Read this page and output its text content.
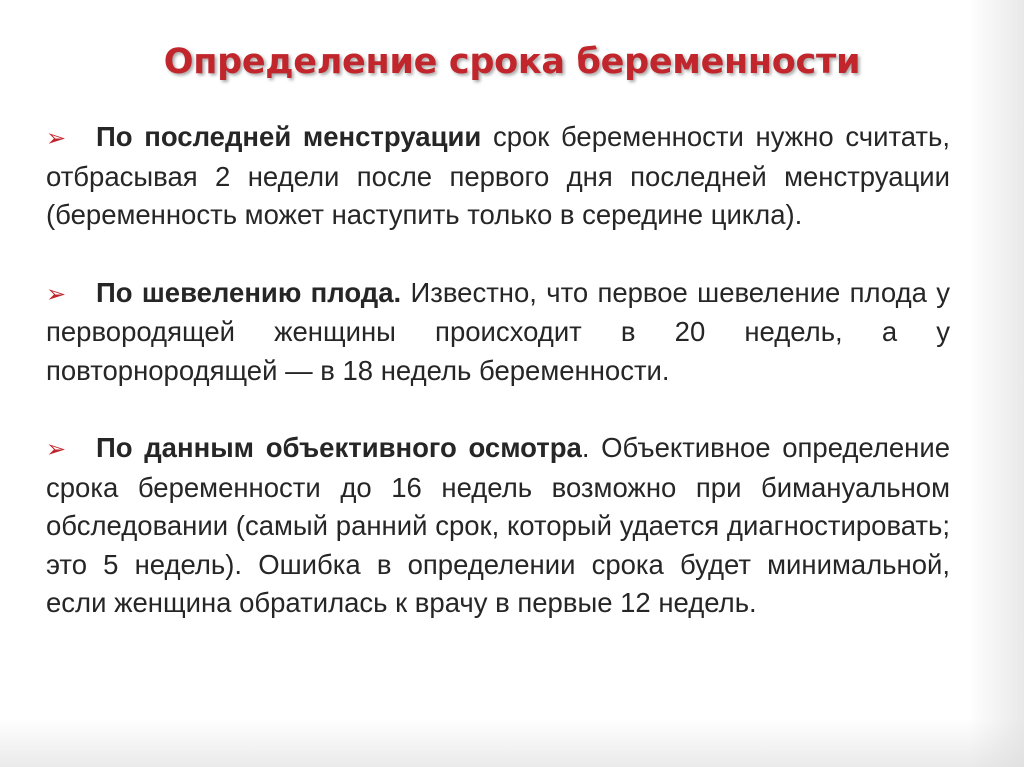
Определение срока беременности

➢ По последней менструации срок беременности нужно считать, отбрасывая 2 недели после первого дня последней менструации (беременность может наступить только в середине цикла).

➢ По шевелению плода. Известно, что первое шевеление плода у первородящей женщины происходит в 20 недель, а у повторнородящей — в 18 недель беременности.

➢ По данным объективного осмотра. Объективное определение срока беременности до 16 недель возможно при бимануальном обследовании (самый ранний срок, который удается диагностировать; это 5 недель). Ошибка в определении срока будет минимальной, если женщина обратилась к врачу в первые 12 недель.
